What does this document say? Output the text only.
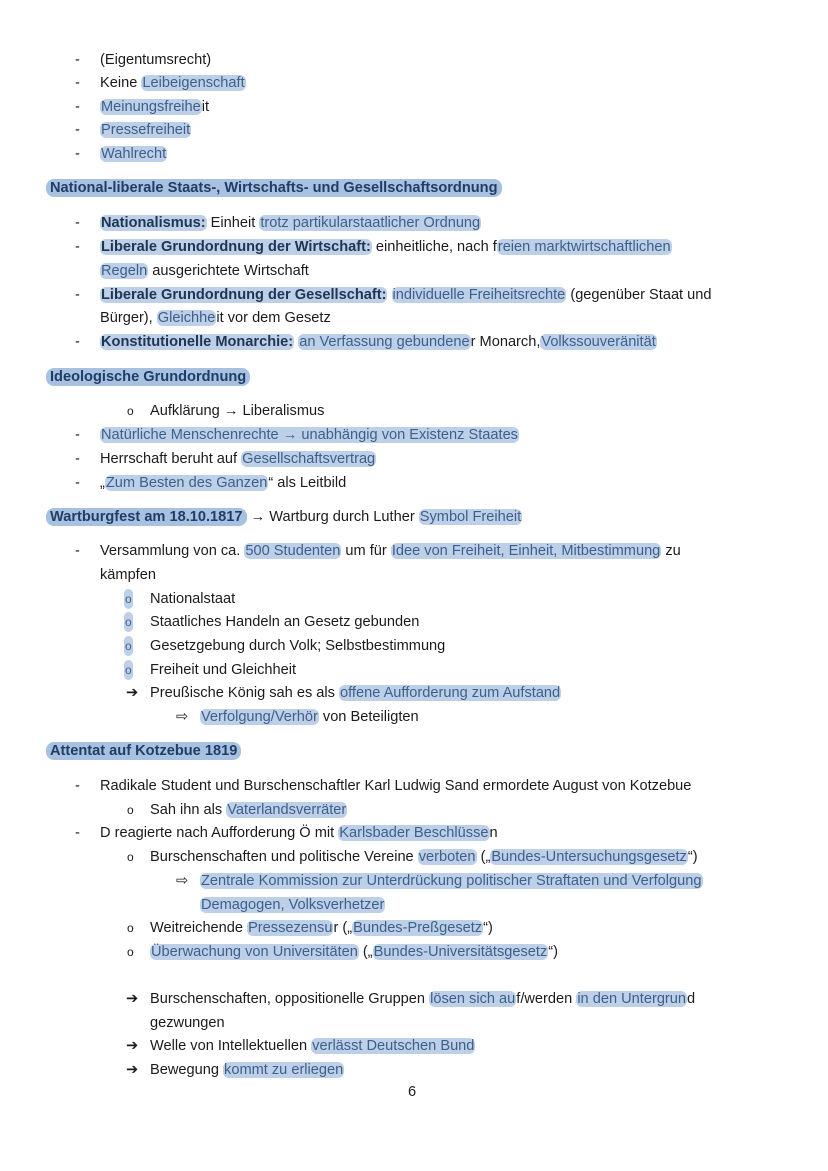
- (Eigentumsrecht)
- Keine Leibeigenschaft
- Meinungsfreiheit
- Pressefreiheit
- Wahlrecht
National-liberale Staats-, Wirtschafts- und Gesellschaftsordnung
- Nationalismus: Einheit trotz partikularstaatlicher Ordnung
- Liberale Grundordnung der Wirtschaft: einheitliche, nach freien marktwirtschaftlichen
Regeln ausgerichtete Wirtschaft
- Liberale Grundordnung der Gesellschaft: individuelle Freiheitsrechte (gegenüber Staat und
Bürger), Gleichheit vor dem Gesetz
- Konstitutionelle Monarchie: an Verfassung gebundener Monarch,Volkssouveränität
Ideologische Grundordnung
o Aufklärung → Liberalismus
- Natürliche Menschenrechte → unabhängig von Existenz Staates
- Herrschaft beruht auf Gesellschaftsvertrag
- „Zum Besten des Ganzen“ als Leitbild
Wartburgfest am 18.10.1817 → Wartburg durch Luther Symbol Freiheit
- Versammlung von ca. 500 Studenten um für Idee von Freiheit, Einheit, Mitbestimmung zu
kämpfen
o Nationalstaat
o Staatliches Handeln an Gesetz gebunden
o Gesetzgebung durch Volk; Selbstbestimmung
o Freiheit und Gleichheit
➔ Preußische König sah es als offene Aufforderung zum Aufstand
⇨ Verfolgung/Verhör von Beteiligten
Attentat auf Kotzebue 1819
- Radikale Student und Burschenschaftler Karl Ludwig Sand ermordete August von Kotzebue
o Sah ihn als Vaterlandsverräter
- D reagierte nach Aufforderung Ö mit Karlsbader Beschlüssen
o Burschenschaften und politische Vereine verboten („Bundes-Untersuchungsgesetz“)
⇨ Zentrale Kommission zur Unterdrückung politischer Straftaten und Verfolgung
Demagogen, Volksverhetzer
o Weitreichende Pressezensur („Bundes-Preßgesetz“)
o Überwachung von Universitäten („Bundes-Universitätsgesetz“)
➔ Burschenschaften, oppositionelle Gruppen lösen sich auf/werden in den Untergrund
gezwungen
➔ Welle von Intellektuellen verlässt Deutschen Bund
➔ Bewegung kommt zu erliegen
6
